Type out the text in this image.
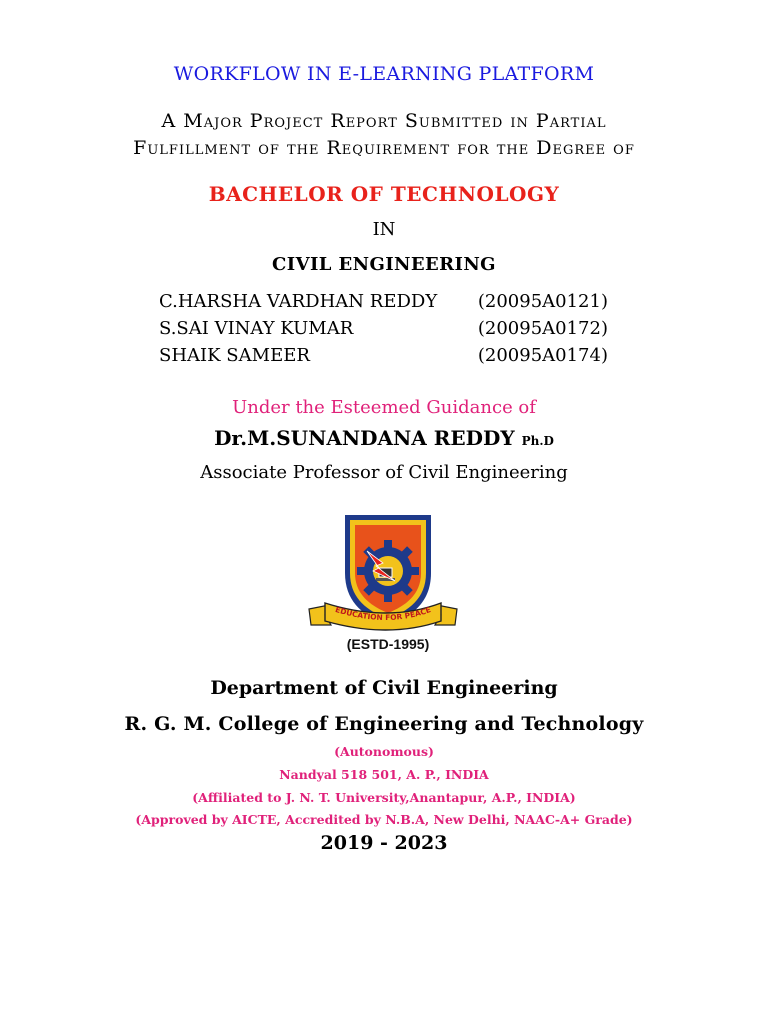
WORKFLOW IN E-LEARNING PLATFORM
A Major Project Report Submitted in Partial
Fulfillment of the Requirement for the Degree of
BACHELOR OF TECHNOLOGY
IN
CIVIL ENGINEERING
C.HARSHA VARDHAN REDDY (20095A0121)
S.SAI VINAY KUMAR	(20095A0172)
SHAIK SAMEER	(20095A0174)
Under the Esteemed Guidance of
Dr.M.SUNANDANA REDDY Ph.D
Associate Professor of Civil Engineering
EDUCATION FOR PEACE
(ESTD-1995)
Department of Civil Engineering
R. G. M. College of Engineering and Technology
(Autonomous)
Nandyal 518 501, A. P., INDIA
(Affiliated to J. N. T. University,Anantapur, A.P., INDIA)
(Approved by AICTE, Accredited by N.B.A, New Delhi, NAAC-A+ Grade)
2019 - 2023
